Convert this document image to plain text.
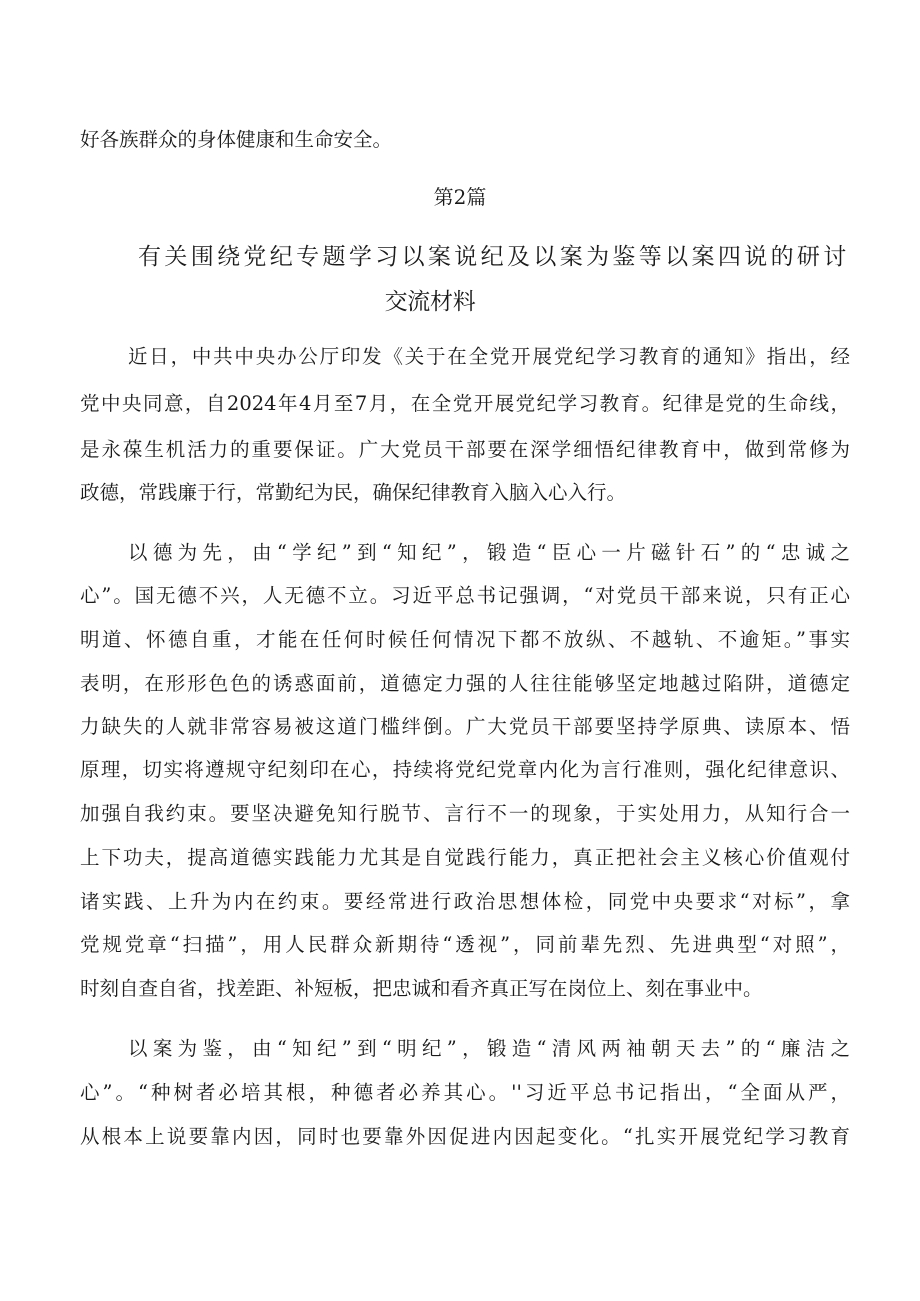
好各族群众的身体健康和生命安全。
第2篇
有关围绕党纪专题学习以案说纪及以案为鉴等以案四说的研讨
交流材料
近日，中共中央办公厅印发《关于在全党开展党纪学习教育的通知》指出，经
党中央同意，自2024年4月至7月，在全党开展党纪学习教育。纪律是党的生命线，
是永葆生机活力的重要保证。广大党员干部要在深学细悟纪律教育中，做到常修为
政德，常践廉于行，常勤纪为民，确保纪律教育入脑入心入行。
以德为先，由“学纪”到“知纪”，锻造“臣心一片磁针石”的“忠诚之
心”。国无德不兴，人无德不立。习近平总书记强调，“对党员干部来说，只有正心
明道、怀德自重，才能在任何时候任何情况下都不放纵、不越轨、不逾矩。”事实
表明，在形形色色的诱惑面前，道德定力强的人往往能够坚定地越过陷阱，道德定
力缺失的人就非常容易被这道门槛绊倒。广大党员干部要坚持学原典、读原本、悟
原理，切实将遵规守纪刻印在心，持续将党纪党章内化为言行准则，强化纪律意识、
加强自我约束。要坚决避免知行脱节、言行不一的现象，于实处用力，从知行合一
上下功夫，提高道德实践能力尤其是自觉践行能力，真正把社会主义核心价值观付
诸实践、上升为内在约束。要经常进行政治思想体检，同党中央要求“对标”，拿
党规党章“扫描”，用人民群众新期待“透视”，同前辈先烈、先进典型“对照”，
时刻自查自省，找差距、补短板，把忠诚和看齐真正写在岗位上、刻在事业中。
以案为鉴，由“知纪”到“明纪”，锻造“清风两袖朝天去”的“廉洁之
心”。“种树者必培其根，种德者必养其心。''习近平总书记指出，“全面从严，
从根本上说要靠内因，同时也要靠外因促进内因起变化。“扎实开展党纪学习教育
